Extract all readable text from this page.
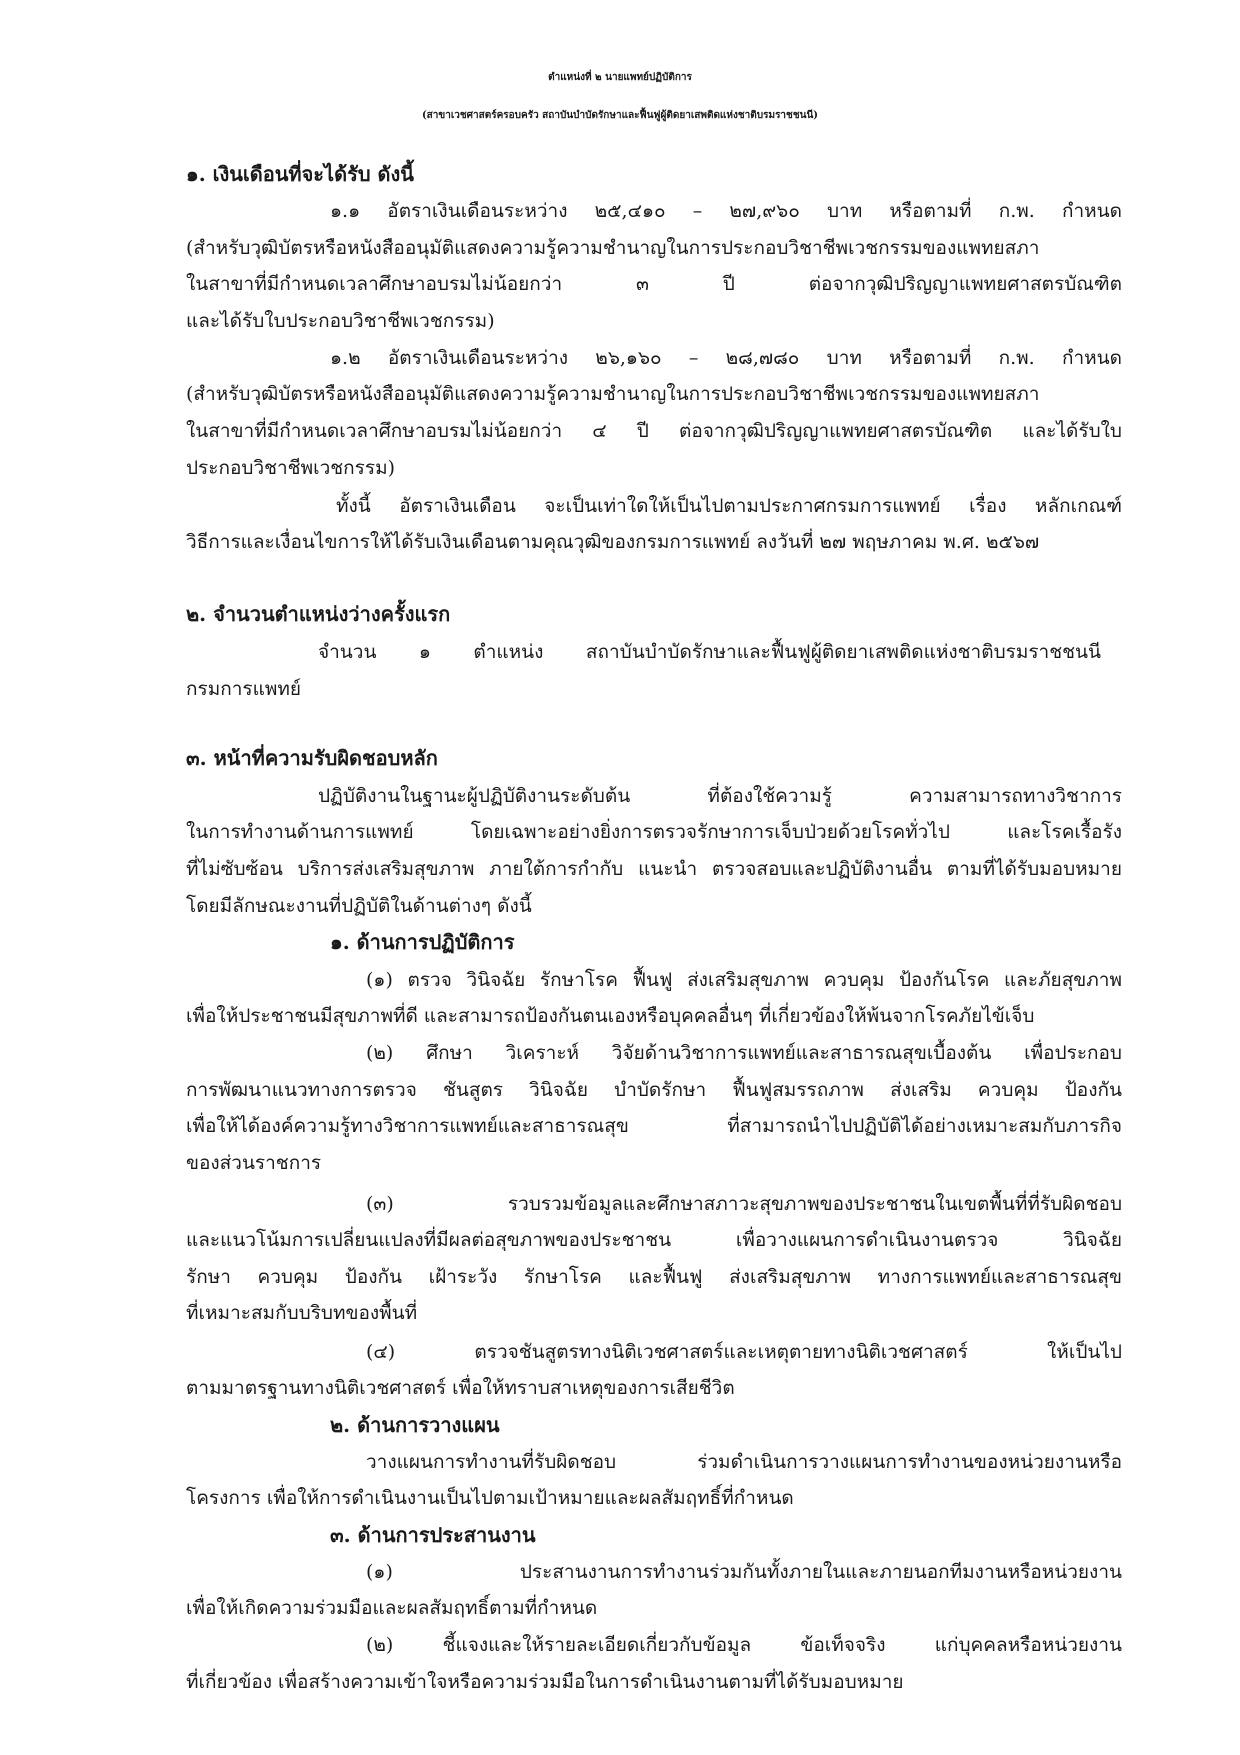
ตำแหน่งที่ ๒ นายแพทย์ปฏิบัติการ
(สาขาเวชศาสตร์ครอบครัว สถาบันบำบัดรักษาและฟื้นฟูผู้ติดยาเสพติดแห่งชาติบรมราชชนนี)
๑. เงินเดือนที่จะได้รับ ดังนี้
๑.๑ อัตราเงินเดือนระหว่าง ๒๕,๔๑๐ – ๒๗,๙๖๐ บาท หรือตามที่ ก.พ. กำหนด
(สำหรับวุฒิบัตรหรือหนังสืออนุมัติแสดงความรู้ความชำนาญในการประกอบวิชาชีพเวชกรรมของแพทยสภา
ในสาขาที่มีกำหนดเวลาศึกษาอบรมไม่น้อยกว่า ๓ ปี ต่อจากวุฒิปริญญาแพทยศาสตรบัณฑิต
และได้รับใบประกอบวิชาชีพเวชกรรม)
๑.๒ อัตราเงินเดือนระหว่าง ๒๖,๑๖๐ – ๒๘,๗๘๐ บาท หรือตามที่ ก.พ. กำหนด
(สำหรับวุฒิบัตรหรือหนังสืออนุมัติแสดงความรู้ความชำนาญในการประกอบวิชาชีพเวชกรรมของแพทยสภา
ในสาขาที่มีกำหนดเวลาศึกษาอบรมไม่น้อยกว่า ๔ ปี ต่อจากวุฒิปริญญาแพทยศาสตรบัณฑิต และได้รับใบ
ประกอบวิชาชีพเวชกรรม)
ทั้งนี้ อัตราเงินเดือน จะเป็นเท่าใดให้เป็นไปตามประกาศกรมการแพทย์ เรื่อง หลักเกณฑ์
วิธีการและเงื่อนไขการให้ได้รับเงินเดือนตามคุณวุฒิของกรมการแพทย์ ลงวันที่ ๒๗ พฤษภาคม พ.ศ. ๒๕๖๗
๒. จำนวนตำแหน่งว่างครั้งแรก
จำนวน ๑ ตำแหน่ง สถาบันบำบัดรักษาและฟื้นฟูผู้ติดยาเสพติดแห่งชาติบรมราชชนนี
กรมการแพทย์
๓. หน้าที่ความรับผิดชอบหลัก
ปฏิบัติงานในฐานะผู้ปฏิบัติงานระดับต้น ที่ต้องใช้ความรู้ ความสามารถทางวิชาการ
ในการทำงานด้านการแพทย์ โดยเฉพาะอย่างยิ่งการตรวจรักษาการเจ็บป่วยด้วยโรคทั่วไป และโรคเรื้อรัง
ที่ไม่ซับซ้อน บริการส่งเสริมสุขภาพ ภายใต้การกำกับ แนะนำ ตรวจสอบและปฏิบัติงานอื่น ตามที่ได้รับมอบหมาย
โดยมีลักษณะงานที่ปฏิบัติในด้านต่างๆ ดังนี้
๑. ด้านการปฏิบัติการ
(๑) ตรวจ วินิจฉัย รักษาโรค ฟื้นฟู ส่งเสริมสุขภาพ ควบคุม ป้องกันโรค และภัยสุขภาพ
เพื่อให้ประชาชนมีสุขภาพที่ดี และสามารถป้องกันตนเองหรือบุคคลอื่นๆ ที่เกี่ยวข้องให้พ้นจากโรคภัยไข้เจ็บ
(๒) ศึกษา วิเคราะห์ วิจัยด้านวิชาการแพทย์และสาธารณสุขเบื้องต้น เพื่อประกอบ
การพัฒนาแนวทางการตรวจ ชันสูตร วินิจฉัย บำบัดรักษา ฟื้นฟูสมรรถภาพ ส่งเสริม ควบคุม ป้องกัน
เพื่อให้ได้องค์ความรู้ทางวิชาการแพทย์และสาธารณสุข ที่สามารถนำไปปฏิบัติได้อย่างเหมาะสมกับภารกิจ
ของส่วนราชการ
(๓) รวบรวมข้อมูลและศึกษาสภาวะสุขภาพของประชาชนในเขตพื้นที่ที่รับผิดชอบ
และแนวโน้มการเปลี่ยนแปลงที่มีผลต่อสุขภาพของประชาชน เพื่อวางแผนการดำเนินงานตรวจ วินิจฉัย
รักษา ควบคุม ป้องกัน เฝ้าระวัง รักษาโรค และฟื้นฟู ส่งเสริมสุขภาพ ทางการแพทย์และสาธารณสุข
ที่เหมาะสมกับบริบทของพื้นที่
(๔) ตรวจชันสูตรทางนิติเวชศาสตร์และเหตุตายทางนิติเวชศาสตร์ ให้เป็นไป
ตามมาตรฐานทางนิติเวชศาสตร์ เพื่อให้ทราบสาเหตุของการเสียชีวิต
๒. ด้านการวางแผน
วางแผนการทำงานที่รับผิดชอบ ร่วมดำเนินการวางแผนการทำงานของหน่วยงานหรือ
โครงการ เพื่อให้การดำเนินงานเป็นไปตามเป้าหมายและผลสัมฤทธิ์ที่กำหนด
๓. ด้านการประสานงาน
(๑) ประสานงานการทำงานร่วมกันทั้งภายในและภายนอกทีมงานหรือหน่วยงาน
เพื่อให้เกิดความร่วมมือและผลสัมฤทธิ์ตามที่กำหนด
(๒) ชี้แจงและให้รายละเอียดเกี่ยวกับข้อมูล ข้อเท็จจริง แก่บุคคลหรือหน่วยงาน
ที่เกี่ยวข้อง เพื่อสร้างความเข้าใจหรือความร่วมมือในการดำเนินงานตามที่ได้รับมอบหมาย
